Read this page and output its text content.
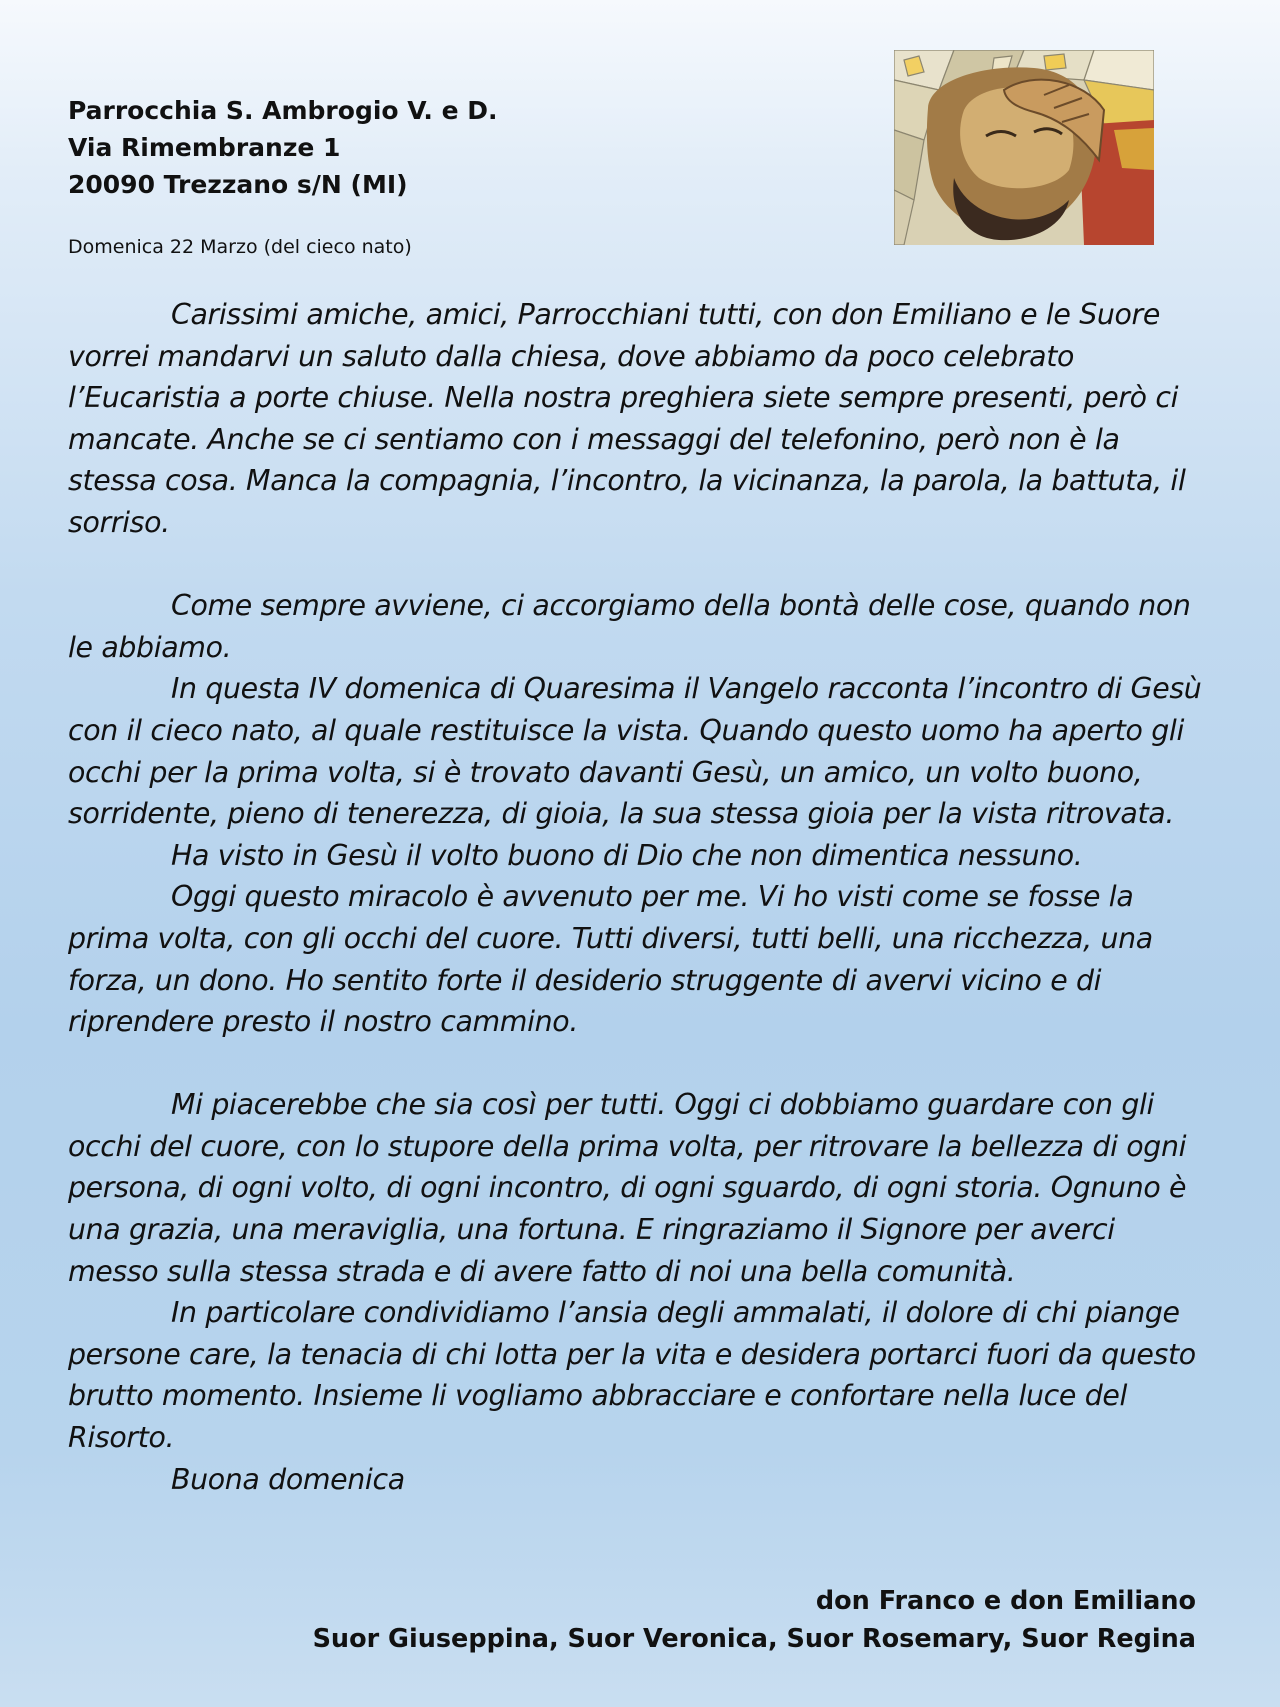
Parrocchia S. Ambrogio V. e D.

Via Rimembranze 1

20090 Trezzano s/N (MI)

Domenica 22 Marzo (del cieco nato)

Carissimi amiche, amici, Parrocchiani tutti, con don Emiliano e le Suore vorrei mandarvi un saluto dalla chiesa, dove abbiamo da poco celebrato l’Eucaristia a porte chiuse. Nella nostra preghiera siete sempre presenti, però ci mancate. Anche se ci sentiamo con i messaggi del telefonino, però non è la stessa cosa. Manca la compagnia, l’incontro, la vicinanza, la parola, la battuta, il sorriso.

Come sempre avviene, ci accorgiamo della bontà delle cose, quando non le abbiamo.

In questa IV domenica di Quaresima il Vangelo racconta l’incontro di Gesù con il cieco nato, al quale restituisce la vista. Quando questo uomo ha aperto gli occhi per la prima volta, si è trovato davanti Gesù, un amico, un volto buono, sorridente, pieno di tenerezza, di gioia, la sua stessa gioia per la vista ritrovata.

Ha visto in Gesù il volto buono di Dio che non dimentica nessuno.

Oggi questo miracolo è avvenuto per me. Vi ho visti come se fosse la prima volta, con gli occhi del cuore. Tutti diversi, tutti belli, una ricchezza, una forza, un dono. Ho sentito forte il desiderio struggente di avervi vicino e di riprendere presto il nostro cammino.

Mi piacerebbe che sia così per tutti. Oggi ci dobbiamo guardare con gli occhi del cuore, con lo stupore della prima volta, per ritrovare la bellezza di ogni persona, di ogni volto, di ogni incontro, di ogni sguardo, di ogni storia. Ognuno è una grazia, una meraviglia, una fortuna. E ringraziamo il Signore per averci messo sulla stessa strada e di avere fatto di noi una bella comunità.

In particolare condividiamo l’ansia degli ammalati, il dolore di chi piange persone care, la tenacia di chi lotta per la vita e desidera portarci fuori da questo brutto momento. Insieme li vogliamo abbracciare e confortare nella luce del Risorto.

Buona domenica

don Franco e don Emiliano

Suor Giuseppina, Suor Veronica, Suor Rosemary, Suor Regina
